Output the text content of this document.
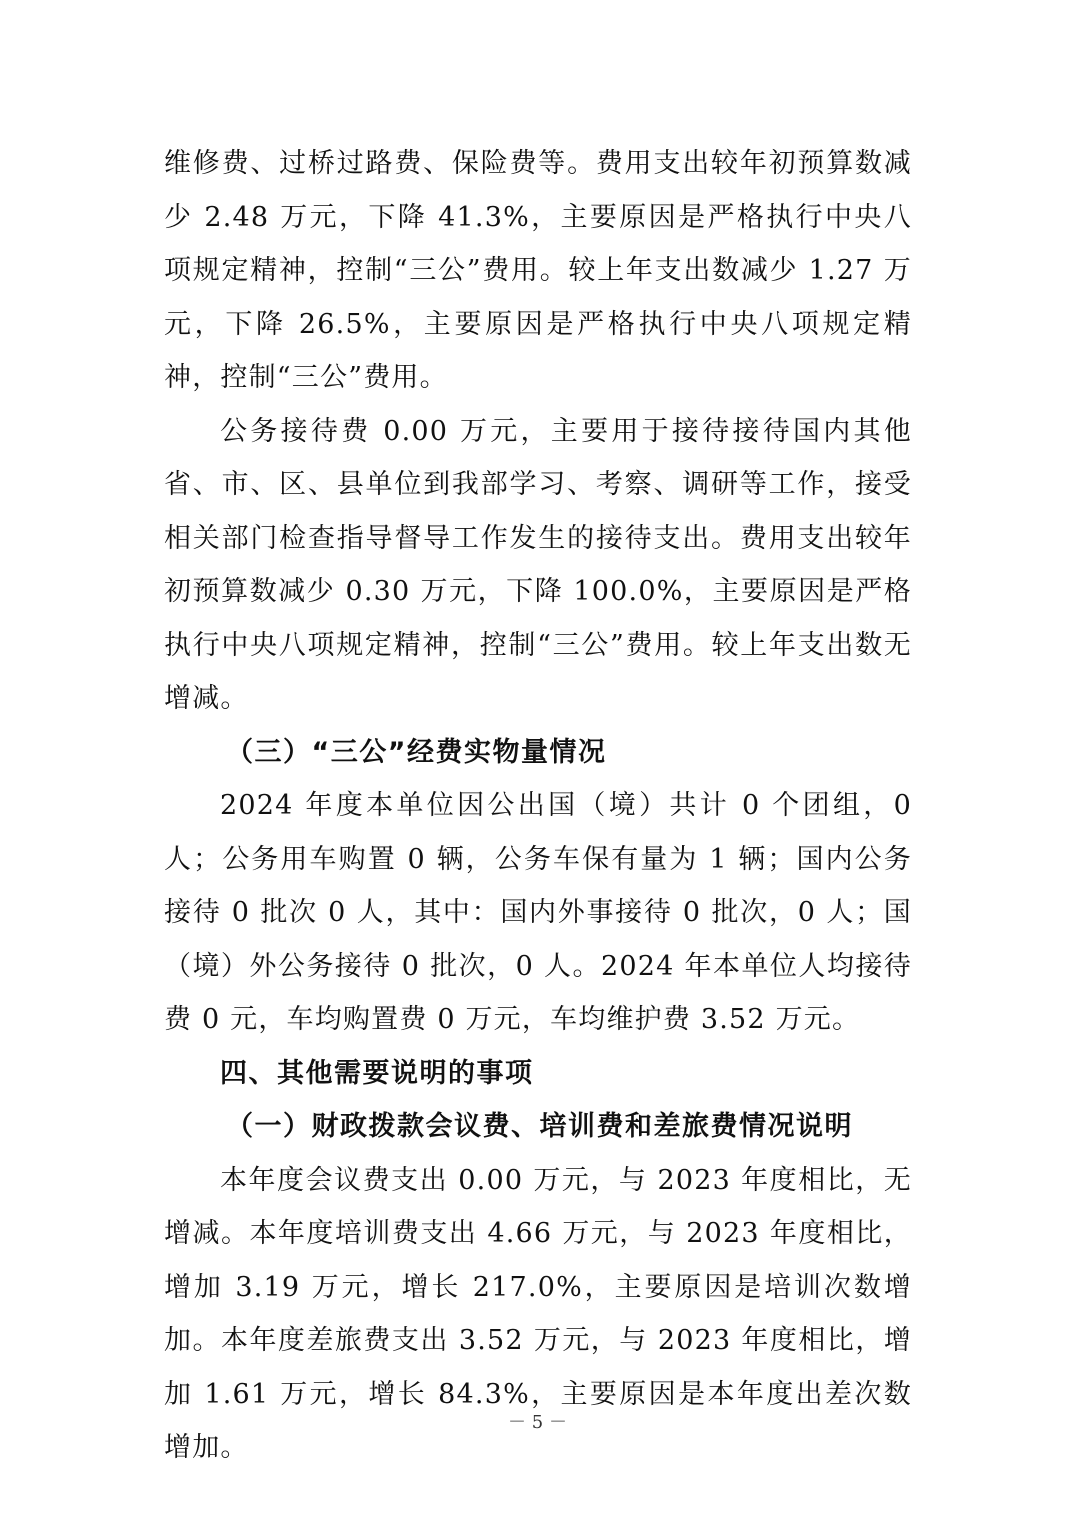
维修费、过桥过路费、保险费等。费用支出较年初预算数减少 2.48 万元，下降 41.3%，主要原因是严格执行中央八项规定精神，控制“三公”费用。较上年支出数减少 1.27 万元，下降 26.5%，主要原因是严格执行中央八项规定精神，控制“三公”费用。

公务接待费 0.00 万元，主要用于接待接待国内其他省、市、区、县单位到我部学习、考察、调研等工作，接受相关部门检查指导督导工作发生的接待支出。费用支出较年初预算数减少 0.30 万元，下降 100.0%，主要原因是严格执行中央八项规定精神，控制“三公”费用。较上年支出数无增减。

（三）“三公”经费实物量情况

2024 年度本单位因公出国（境）共计 0 个团组，0 人；公务用车购置 0 辆，公务车保有量为 1 辆；国内公务接待 0 批次 0 人，其中：国内外事接待 0 批次，0 人；国（境）外公务接待 0 批次，0 人。2024 年本单位人均接待费 0 元，车均购置费 0 万元，车均维护费 3.52 万元。

四、其他需要说明的事项

（一）财政拨款会议费、培训费和差旅费情况说明

本年度会议费支出 0.00 万元，与 2023 年度相比，无增减。本年度培训费支出 4.66 万元，与 2023 年度相比，增加 3.19 万元，增长 217.0%，主要原因是培训次数增加。本年度差旅费支出 3.52 万元，与 2023 年度相比，增加 1.61 万元，增长 84.3%，主要原因是本年度出差次数增加。

－ 5 －
